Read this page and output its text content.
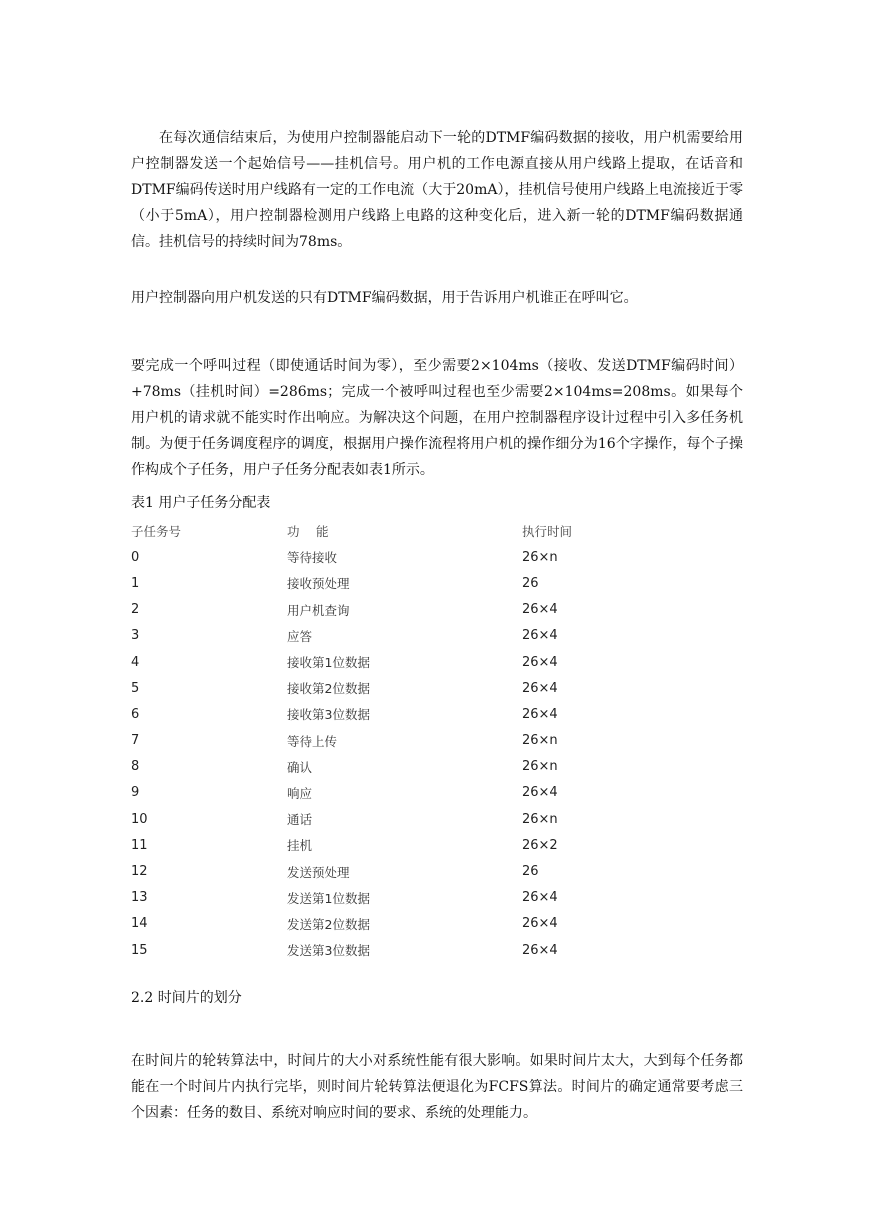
在每次通信结束后，为使用户控制器能启动下一轮的DTMF编码数据的接收，用户机需要给用户控制器发送一个起始信号——挂机信号。用户机的工作电源直接从用户线路上提取，在话音和DTMF编码传送时用户线路有一定的工作电流（大于20mA），挂机信号使用户线路上电流接近于零（小于5mA），用户控制器检测用户线路上电路的这种变化后，进入新一轮的DTMF编码数据通信。挂机信号的持续时间为78ms。

用户控制器向用户机发送的只有DTMF编码数据，用于告诉用户机谁正在呼叫它。

要完成一个呼叫过程（即使通话时间为零），至少需要2×104ms（接收、发送DTMF编码时间）+78ms（挂机时间）=286ms；完成一个被呼叫过程也至少需要2×104ms=208ms。如果每个用户机的请求就不能实时作出响应。为解决这个问题，在用户控制器程序设计过程中引入多任务机制。为便于任务调度程序的调度，根据用户操作流程将用户机的操作细分为16个字操作，每个子操作构成个子任务，用户子任务分配表如表1所示。

表1 用户子任务分配表

子任务号	功　 能	执行时间
0	等待接收	26×n
1	接收预处理	26
2	用户机查询	26×4
3	应答	26×4
4	接收第1位数据	26×4
5	接收第2位数据	26×4
6	接收第3位数据	26×4
7	等待上传	26×n
8	确认	26×n
9	响应	26×4
10	通话	26×n
11	挂机	26×2
12	发送预处理	26
13	发送第1位数据	26×4
14	发送第2位数据	26×4
15	发送第3位数据	26×4

2.2 时间片的划分

在时间片的轮转算法中，时间片的大小对系统性能有很大影响。如果时间片太大，大到每个任务都能在一个时间片内执行完毕，则时间片轮转算法便退化为FCFS算法。时间片的确定通常要考虑三个因素：任务的数目、系统对响应时间的要求、系统的处理能力。
